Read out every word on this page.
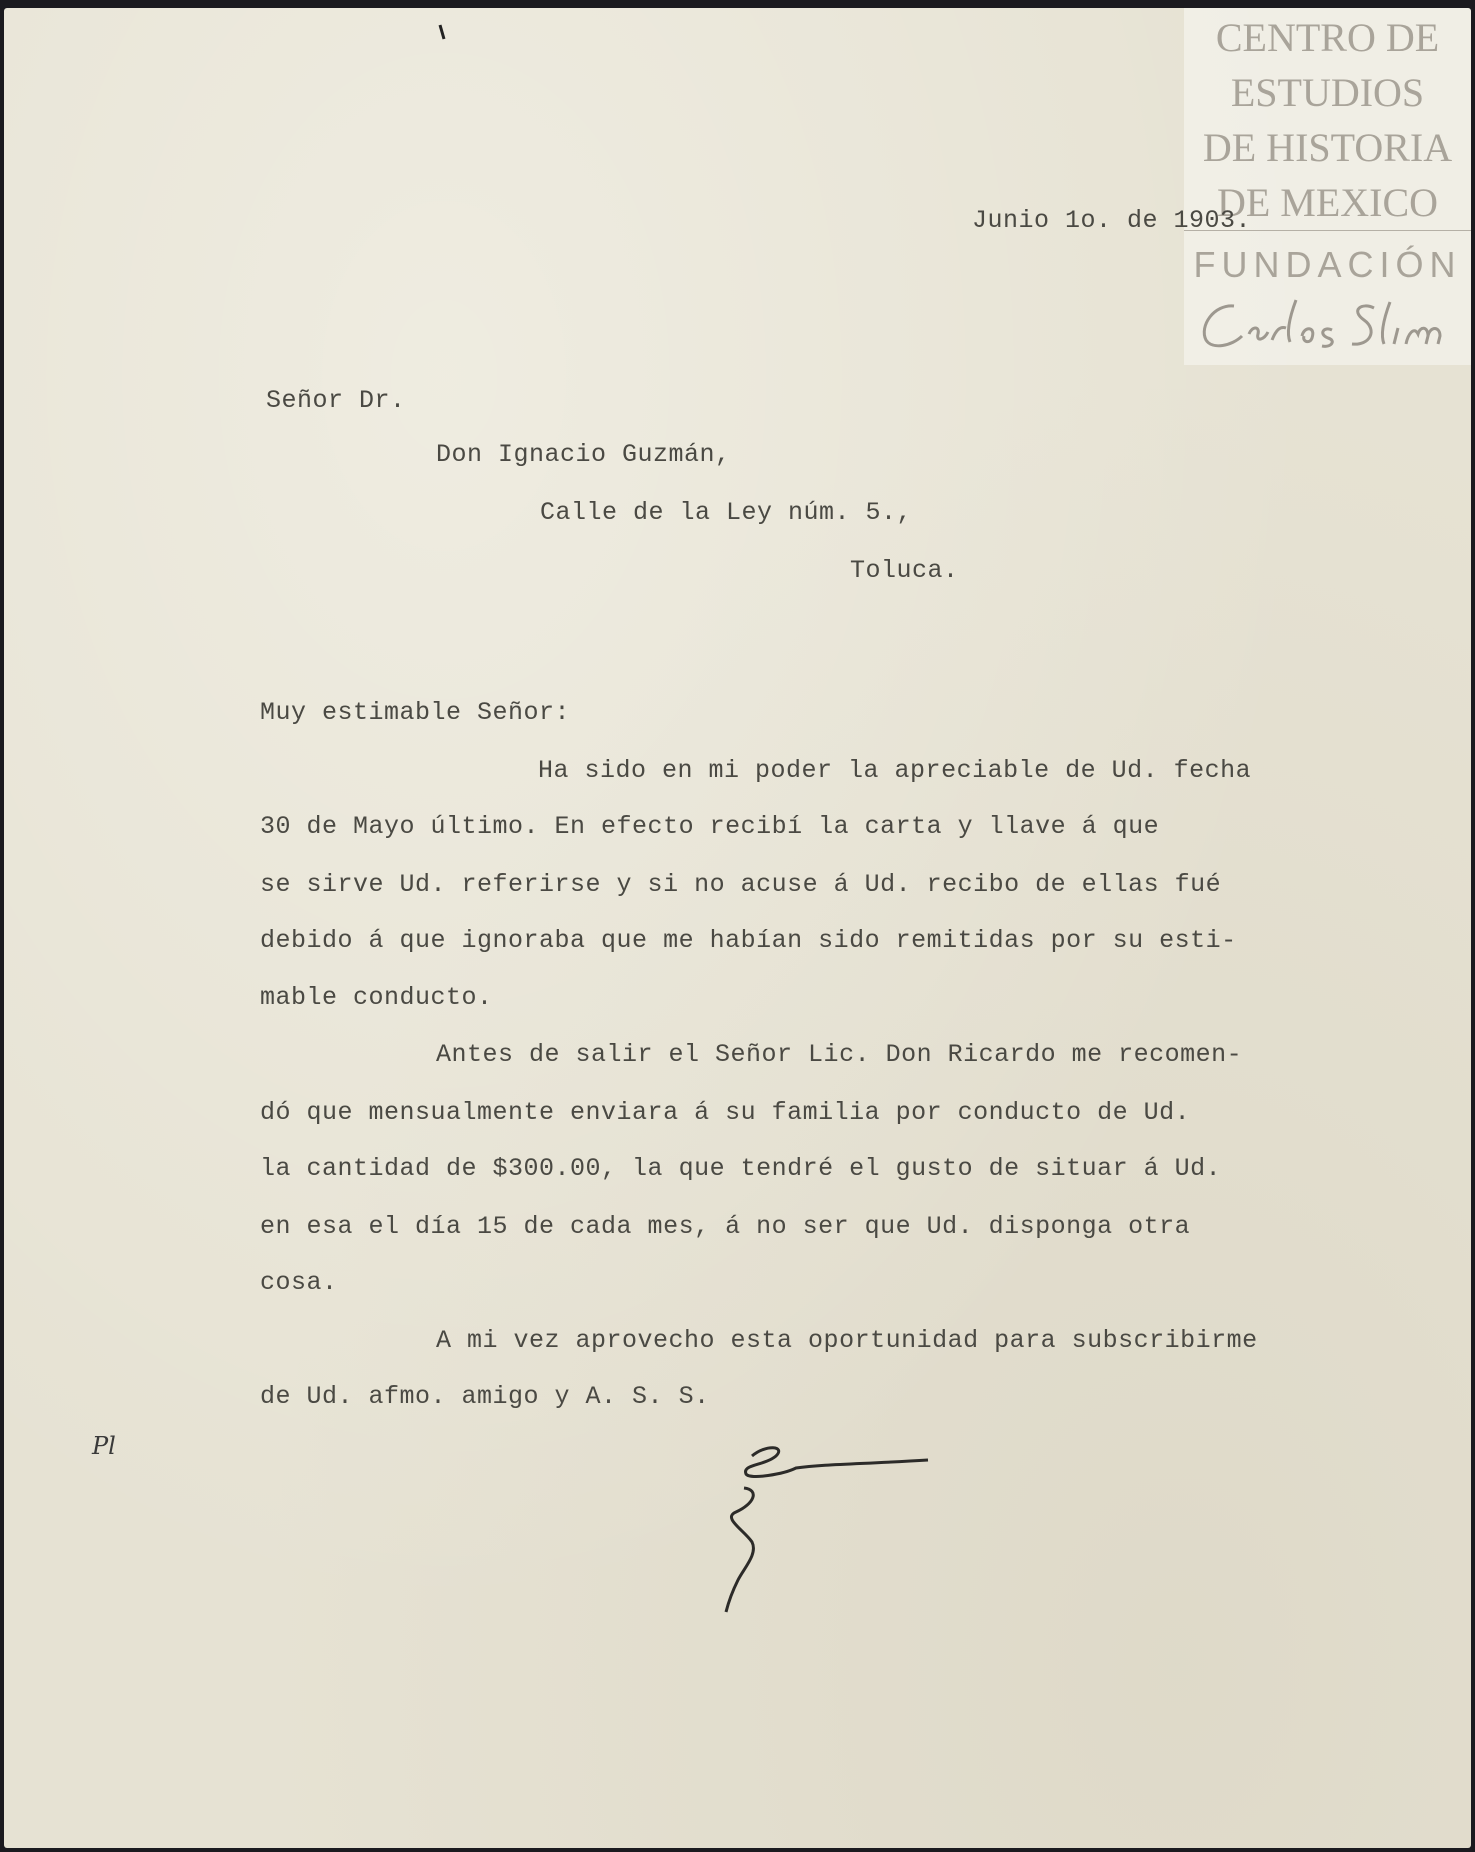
CENTRO DE
ESTUDIOS
DE HISTORIA
DE MEXICO
FUNDACIÓN

Junio 1o. de 1903.

Señor Dr.

Don Ignacio Guzmán,

Calle de la Ley núm. 5.,

Toluca.

Muy estimable Señor:

Ha sido en mi poder la apreciable de Ud. fecha

30 de Mayo último. En efecto recibí la carta y llave á que

se sirve Ud. referirse y si no acuse á Ud. recibo de ellas fué

debido á que ignoraba que me habían sido remitidas por su esti-

mable conducto.

Antes de salir el Señor Lic. Don Ricardo me recomen-

dó que mensualmente enviara á su familia por conducto de Ud.

la cantidad de $300.00, la que tendré el gusto de situar á Ud.

en esa el día 15 de cada mes, á no ser que Ud. disponga otra

cosa.

A mi vez aprovecho esta oportunidad para subscribirme

de Ud. afmo. amigo y A. S. S.

Pl
